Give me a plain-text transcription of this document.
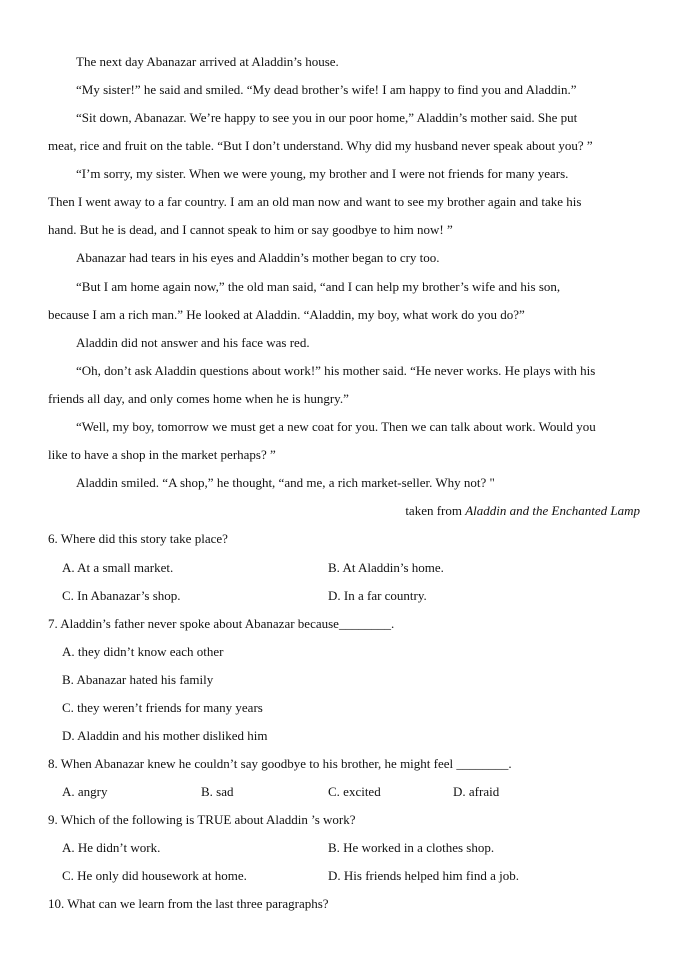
The next day Abanazar arrived at Aladdin’s house.
“My sister!” he said and smiled. “My dead brother’s wife! I am happy to find you and Aladdin.”
“Sit down, Abanazar. We’re happy to see you in our poor home,” Aladdin’s mother said. She put
meat, rice and fruit on the table. “But I don’t understand. Why did my husband never speak about you? ”
“I’m sorry, my sister. When we were young, my brother and I were not friends for many years.
Then I went away to a far country. I am an old man now and want to see my brother again and take his
hand. But he is dead, and I cannot speak to him or say goodbye to him now! ”
Abanazar had tears in his eyes and Aladdin’s mother began to cry too.
“But I am home again now,” the old man said, “and I can help my brother’s wife and his son,
because I am a rich man.” He looked at Aladdin. “Aladdin, my boy, what work do you do?”
Aladdin did not answer and his face was red.
“Oh, don’t ask Aladdin questions about work!” his mother said. “He never works. He plays with his
friends all day, and only comes home when he is hungry.”
“Well, my boy, tomorrow we must get a new coat for you. Then we can talk about work. Would you
like to have a shop in the market perhaps? ”
Aladdin smiled. “A shop,” he thought, “and me, a rich market-seller. Why not? "
taken from Aladdin and the Enchanted Lamp
6. Where did this story take place?
A. At a small market.	B. At Aladdin’s home.
C. In Abanazar’s shop.	D. In a far country.
7. Aladdin’s father never spoke about Abanazar because________.
A. they didn’t know each other
B. Abanazar hated his family
C. they weren’t friends for many years
D. Aladdin and his mother disliked him
8. When Abanazar knew he couldn’t say goodbye to his brother, he might feel ________.
A. angry	B. sad	C. excited	D. afraid
9. Which of the following is TRUE about Aladdin ’s work?
A. He didn’t work.	B. He worked in a clothes shop.
C. He only did housework at home.	D. His friends helped him find a job.
10. What can we learn from the last three paragraphs?
